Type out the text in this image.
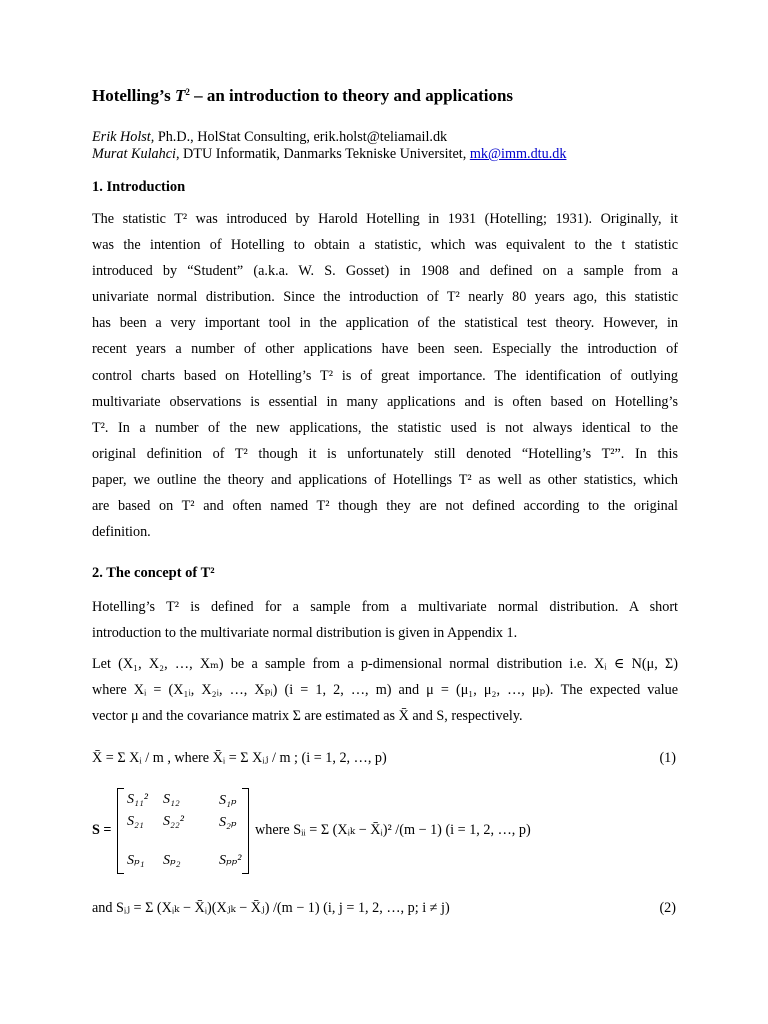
Hotelling’s $T^2$ – an introduction to theory and applications
Erik Holst, Ph.D., HolStat Consulting, erik.holst@teliamail.dk
Murat Kulahci, DTU Informatik, Danmarks Tekniske Universitet, mk@imm.dtu.dk
1. Introduction
The statistic T² was introduced by Harold Hotelling in 1931 (Hotelling; 1931). Originally, it
was the intention of Hotelling to obtain a statistic, which was equivalent to the t statistic
introduced by “Student” (a.k.a. W. S. Gosset) in 1908 and defined on a sample from a
univariate normal distribution. Since the introduction of T² nearly 80 years ago, this statistic
has been a very important tool in the application of the statistical test theory. However, in
recent years a number of other applications have been seen. Especially the introduction of
control charts based on Hotelling’s T² is of great importance. The identification of outlying
multivariate observations is essential in many applications and is often based on Hotelling’s
T². In a number of the new applications, the statistic used is not always identical to the
original definition of T² though it is unfortunately still denoted “Hotelling’s T²”. In this
paper, we outline the theory and applications of Hotellings T² as well as other statistics, which
are based on T² and often named T² though they are not defined according to the original
definition.
2. The concept of T²
Hotelling’s T² is defined for a sample from a multivariate normal distribution. A short
introduction to the multivariate normal distribution is given in Appendix 1.
Let (X₁, X₂, …, Xₘ) be a sample from a p-dimensional normal distribution i.e. Xᵢ ∈ N(μ, Σ)
where Xᵢ = (X₁ᵢ, X₂ᵢ, …, Xₚᵢ) (i = 1, 2, …, m) and μ = (μ₁, μ₂, …, μₚ). The expected value
vector μ and the covariance matrix Σ are estimated as X̄ and S, respectively.
X̄ = Σ Xᵢ / m , where X̄ᵢ = Σ Xᵢⱼ / m ; (i = 1, 2, …, p)	(1)
S =
S₁₁² S₁₂	S₁ₚ
S₂₁ S₂₂²	S₂ₚ
Sₚ₁ Sₚ₂	Sₚₚ²
where Sᵢᵢ = Σ (Xᵢₖ − X̄ᵢ)² /(m − 1) (i = 1, 2, …, p)
and Sᵢⱼ = Σ (Xᵢₖ − X̄ᵢ)(Xⱼₖ − X̄ⱼ) /(m − 1) (i, j = 1, 2, …, p; i ≠ j)	(2)
